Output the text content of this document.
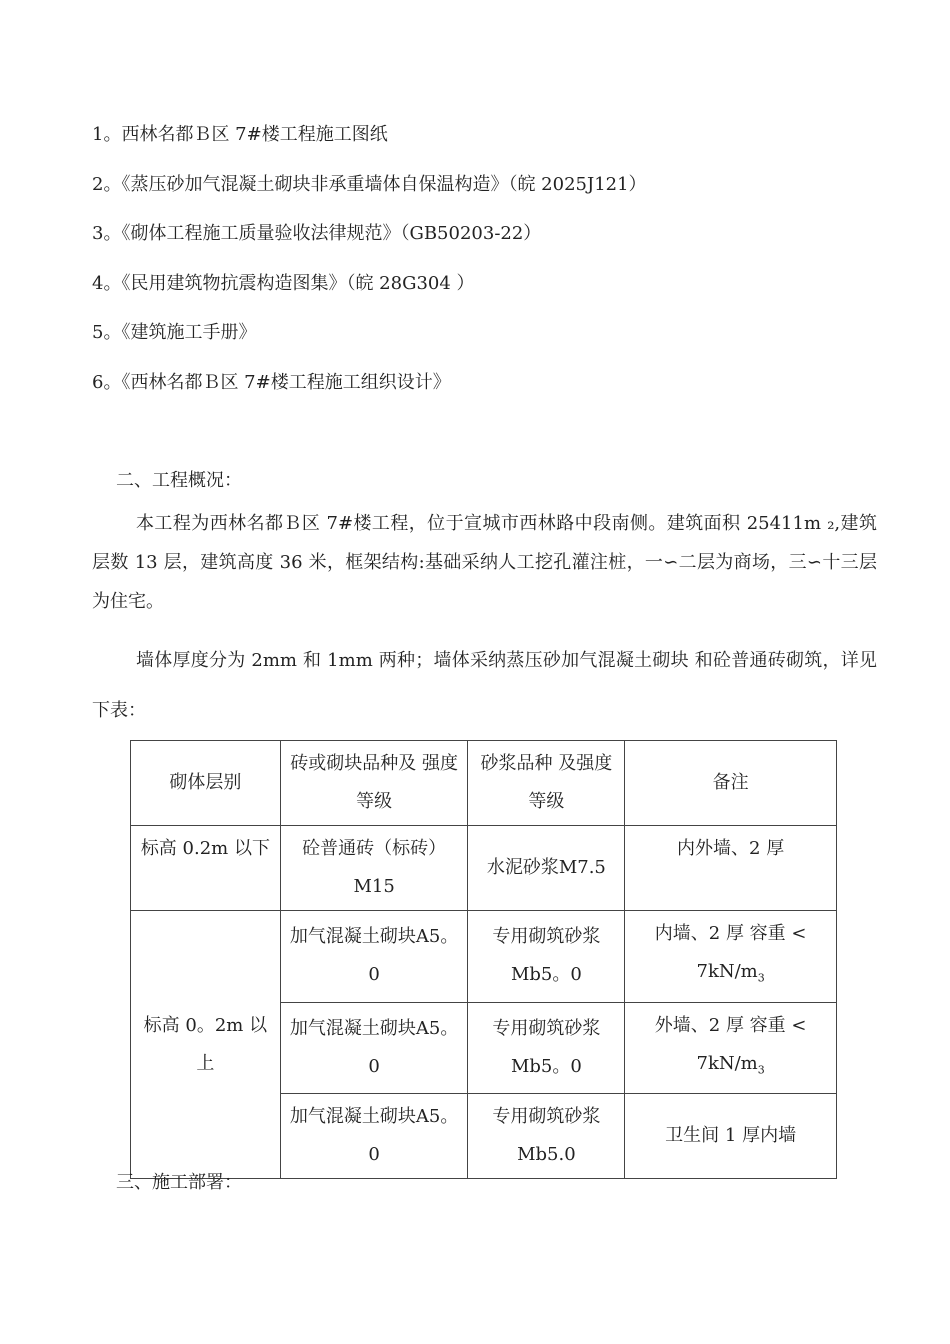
1。西林名都Ｂ区 7#楼工程施工图纸
2。《蒸压砂加气混凝土砌块非承重墙体自保温构造》（皖 2025J121）
3。《砌体工程施工质量验收法律规范》（GB50203-22）
4。《民用建筑物抗震构造图集》（皖 28G304 ）
5。《建筑施工手册》
6。《西林名都Ｂ区 7#楼工程施工组织设计》
二、工程概况：
本工程为西林名都Ｂ区 7#楼工程，位于宣城市西林路中段南侧。建筑面积 25411m ₂,建筑层数 13 层，建筑高度 36 米，框架结构:基础采纳人工挖孔灌注桩，一∽二层为商场，三∽十三层为住宅。
墙体厚度分为 2mm 和 1mm 两种；墙体采纳蒸压砂加气混凝土砌块 和砼普通砖砌筑，详见下表：
砌体层别	砖或砌块品种及 强度等级	砂浆品种 及强度等级	备注
标高 0.2m 以下	砼普通砖（标砖）M15	水泥砂浆M7.5	内外墙、2 厚
标高 0。2m 以上	加气混凝土砌块A5。0	专用砌筑砂浆Mb5。0	内墙、2 厚 容重 <
$7kN/m_3$
	加气混凝土砌块A5。0	专用砌筑砂浆Mb5。0	外墙、2 厚 容重 <
$7kN/m_3$
	加气混凝土砌块A5。0	专用砌筑砂浆Mb5.0	卫生间 1 厚内墙
三、施工部署：
